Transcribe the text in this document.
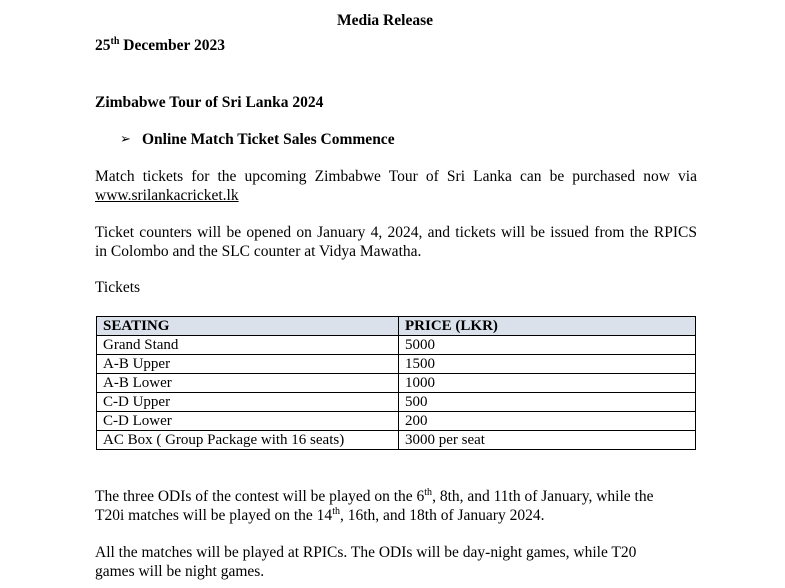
Media Release
25th December 2023
Zimbabwe Tour of Sri Lanka 2024
➢ Online Match Ticket Sales Commence
Match tickets for the upcoming Zimbabwe Tour of Sri Lanka can be purchased now via
www.srilankacricket.lk
Ticket counters will be opened on January 4, 2024, and tickets will be issued from the RPICS
in Colombo and the SLC counter at Vidya Mawatha.
Tickets
SEATING	PRICE (LKR)
Grand Stand	5000
A-B Upper	1500
A-B Lower	1000
C-D Upper	500
C-D Lower	200
AC Box ( Group Package with 16 seats)	3000 per seat
The three ODIs of the contest will be played on the 6th, 8th, and 11th of January, while the
T20i matches will be played on the 14th, 16th, and 18th of January 2024.
All the matches will be played at RPICs. The ODIs will be day-night games, while T20
games will be night games.
